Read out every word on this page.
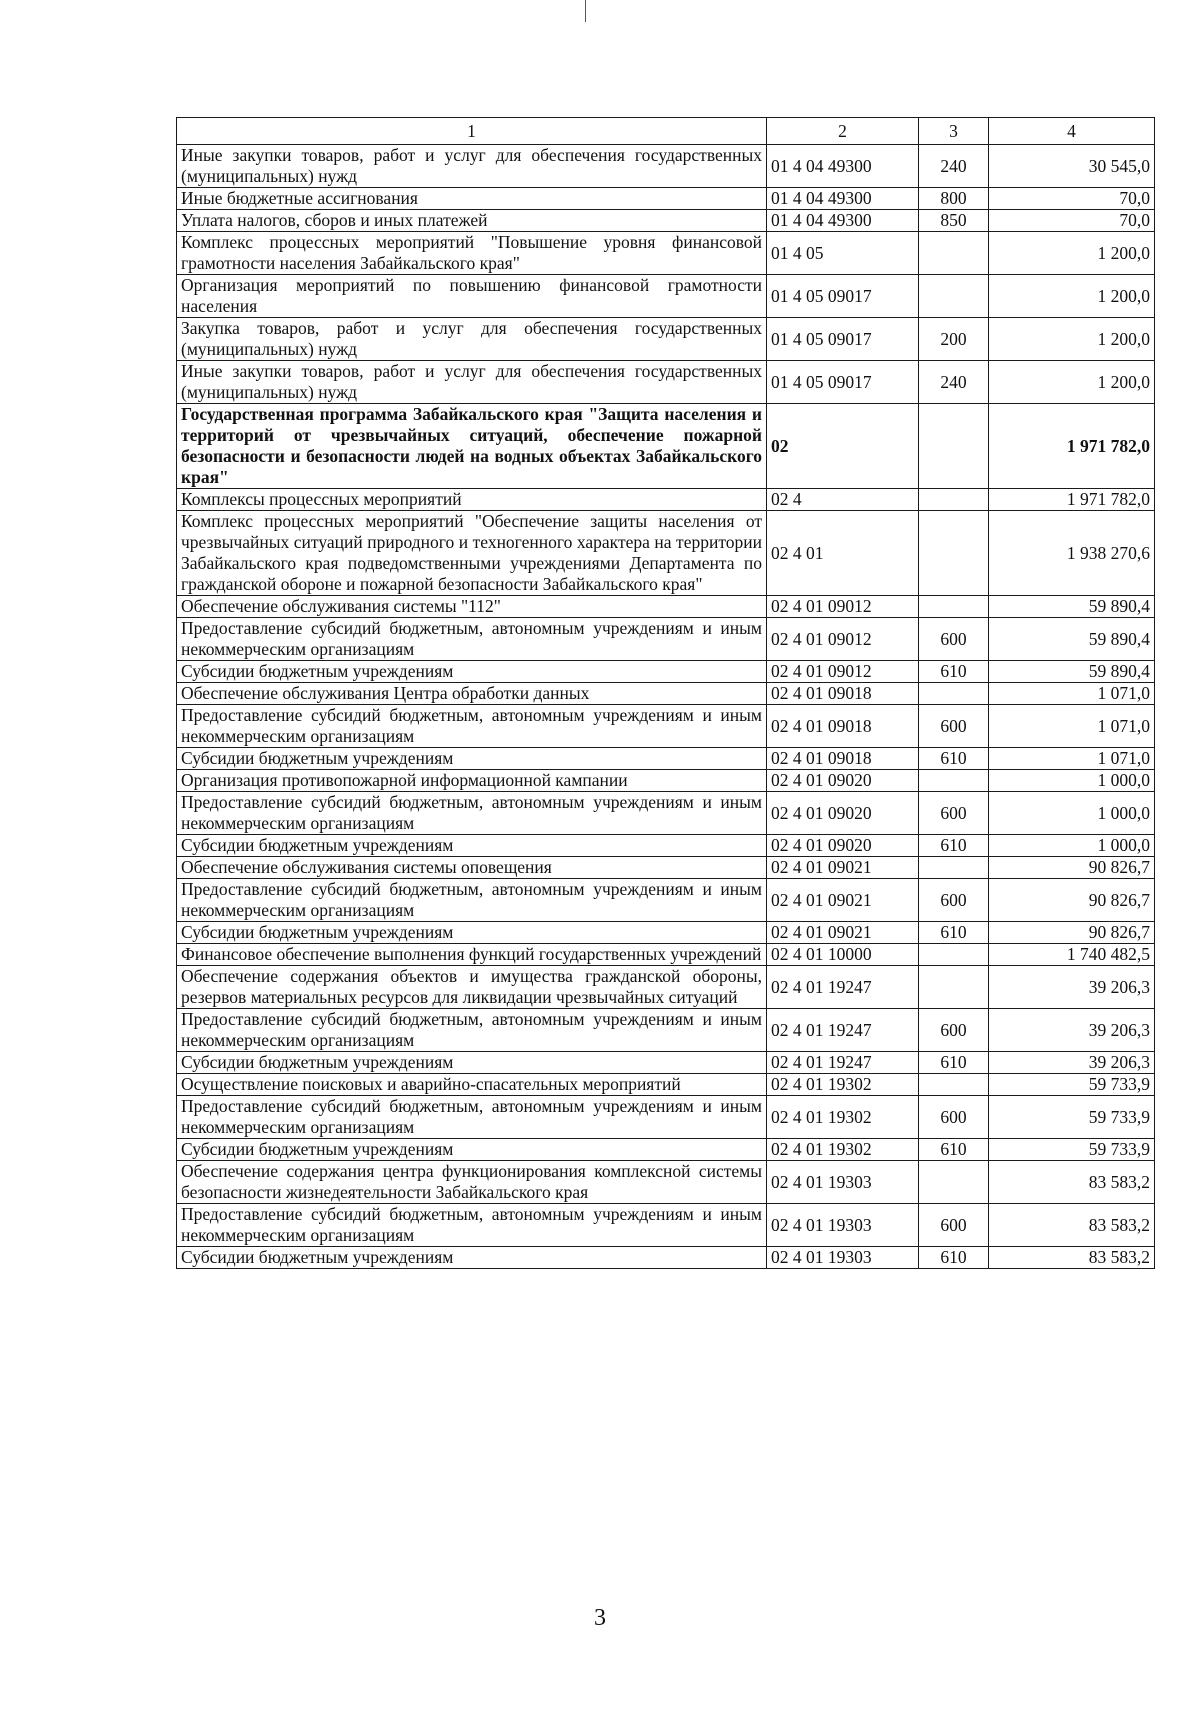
1	2	3	4
Иные закупки товаров, работ и услуг для обеспечения государственных (муниципальных) нужд	01 4 04 49300	240	30 545,0
Иные бюджетные ассигнования	01 4 04 49300	800	70,0
Уплата налогов, сборов и иных платежей	01 4 04 49300	850	70,0
Комплекс процессных мероприятий "Повышение уровня финансовой грамотности населения Забайкальского края"	01 4 05		1 200,0
Организация мероприятий по повышению финансовой грамотности населения	01 4 05 09017		1 200,0
Закупка товаров, работ и услуг для обеспечения государственных (муниципальных) нужд	01 4 05 09017	200	1 200,0
Иные закупки товаров, работ и услуг для обеспечения государственных (муниципальных) нужд	01 4 05 09017	240	1 200,0
Государственная программа Забайкальского края "Защита населения и территорий от чрезвычайных ситуаций, обеспечение пожарной безопасности и безопасности людей на водных объектах Забайкальского края"	02		1 971 782,0
Комплексы процессных мероприятий	02 4		1 971 782,0
Комплекс процессных мероприятий "Обеспечение защиты населения от чрезвычайных ситуаций природного и техногенного характера на территории Забайкальского края подведомственными учреждениями Департамента по гражданской обороне и пожарной безопасности Забайкальского края"	02 4 01		1 938 270,6
Обеспечение обслуживания системы "112"	02 4 01 09012		59 890,4
Предоставление субсидий бюджетным, автономным учреждениям и иным некоммерческим организациям	02 4 01 09012	600	59 890,4
Субсидии бюджетным учреждениям	02 4 01 09012	610	59 890,4
Обеспечение обслуживания Центра обработки данных	02 4 01 09018		1 071,0
Предоставление субсидий бюджетным, автономным учреждениям и иным некоммерческим организациям	02 4 01 09018	600	1 071,0
Субсидии бюджетным учреждениям	02 4 01 09018	610	1 071,0
Организация противопожарной информационной кампании	02 4 01 09020		1 000,0
Предоставление субсидий бюджетным, автономным учреждениям и иным некоммерческим организациям	02 4 01 09020	600	1 000,0
Субсидии бюджетным учреждениям	02 4 01 09020	610	1 000,0
Обеспечение обслуживания системы оповещения	02 4 01 09021		90 826,7
Предоставление субсидий бюджетным, автономным учреждениям и иным некоммерческим организациям	02 4 01 09021	600	90 826,7
Субсидии бюджетным учреждениям	02 4 01 09021	610	90 826,7
Финансовое обеспечение выполнения функций государственных учреждений	02 4 01 10000		1 740 482,5
Обеспечение содержания объектов и имущества гражданской обороны, резервов материальных ресурсов для ликвидации чрезвычайных ситуаций	02 4 01 19247		39 206,3
Предоставление субсидий бюджетным, автономным учреждениям и иным некоммерческим организациям	02 4 01 19247	600	39 206,3
Субсидии бюджетным учреждениям	02 4 01 19247	610	39 206,3
Осуществление поисковых и аварийно-спасательных мероприятий	02 4 01 19302		59 733,9
Предоставление субсидий бюджетным, автономным учреждениям и иным некоммерческим организациям	02 4 01 19302	600	59 733,9
Субсидии бюджетным учреждениям	02 4 01 19302	610	59 733,9
Обеспечение содержания центра функционирования комплексной системы безопасности жизнедеятельности Забайкальского края	02 4 01 19303		83 583,2
Предоставление субсидий бюджетным, автономным учреждениям и иным некоммерческим организациям	02 4 01 19303	600	83 583,2
Субсидии бюджетным учреждениям	02 4 01 19303	610	83 583,2
3
